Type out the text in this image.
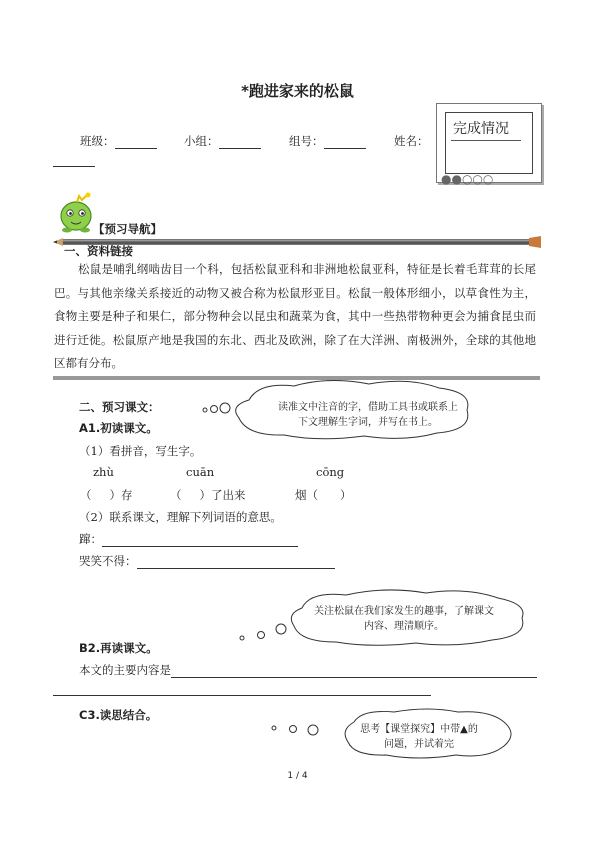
*跑进家来的松鼠
班级：	小组：	组号：	姓名：
完成情况
●●○○○
【预习导航】
一、资料链接
松鼠是哺乳纲啮齿目一个科，包括松鼠亚科和非洲地松鼠亚科，特征是长着毛茸茸的长尾巴。与其他亲缘关系接近的动物又被合称为松鼠形亚目。松鼠一般体形细小，以草食性为主，食物主要是种子和果仁，部分物种会以昆虫和蔬菜为食，其中一些热带物种更会为捕食昆虫而进行迁徙。松鼠原产地是我国的东北、西北及欧洲，除了在大洋洲、南极洲外，全球的其他地区都有分布。
二、预习课文：
A1.初读课文。
（1）看拼音，写生字。
zhù	cuān	cōng
（ ）存	（ ）了出来	烟（ ）
（2）联系课文，理解下列词语的意思。
蹿：
哭笑不得：
B2.再读课文。
本文的主要内容是
C3.读思结合。
读准文中注音的字，借助工具书或联系上下文理解生字词，并写在书上。
关注松鼠在我们家发生的趣事，了解课文内容、理清顺序。
思考【课堂探究】中带▲的问题，并试着完
1 / 4
